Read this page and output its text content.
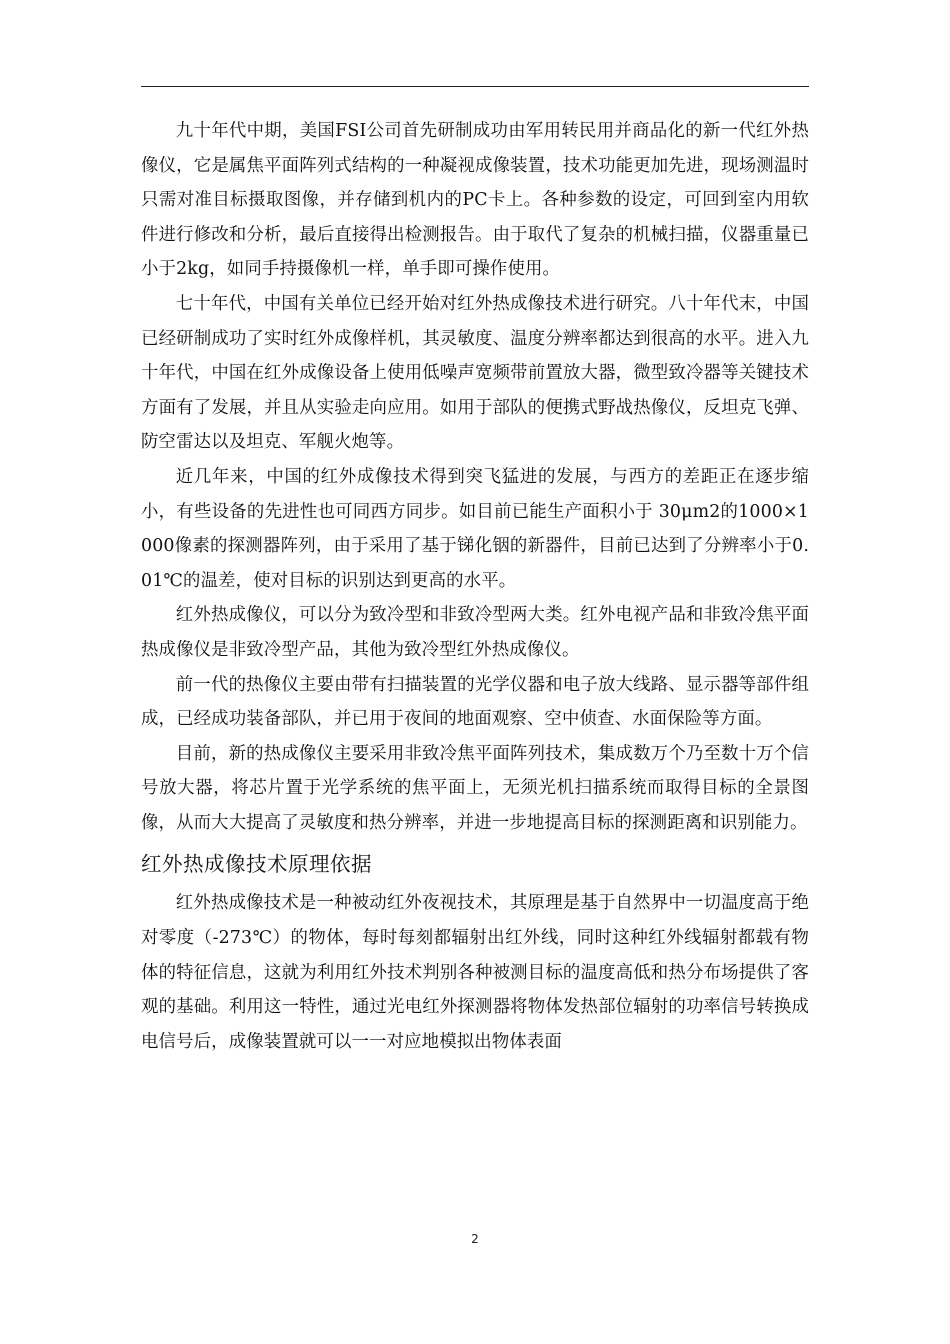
九十年代中期，美国FSI公司首先研制成功由军用转民用并商品化的新一代红外热像仪，它是属焦平面阵列式结构的一种凝视成像装置，技术功能更加先进，现场测温时只需对准目标摄取图像，并存储到机内的PC卡上。各种参数的设定，可回到室内用软件进行修改和分析，最后直接得出检测报告。由于取代了复杂的机械扫描，仪器重量已小于2kg，如同手持摄像机一样，单手即可操作使用。

七十年代，中国有关单位已经开始对红外热成像技术进行研究。八十年代末，中国已经研制成功了实时红外成像样机，其灵敏度、温度分辨率都达到很高的水平。进入九十年代，中国在红外成像设备上使用低噪声宽频带前置放大器，微型致冷器等关键技术方面有了发展，并且从实验走向应用。如用于部队的便携式野战热像仪，反坦克飞弹、防空雷达以及坦克、军舰火炮等。

近几年来，中国的红外成像技术得到突飞猛进的发展，与西方的差距正在逐步缩小，有些设备的先进性也可同西方同步。如目前已能生产面积小于 30μm2的1000×1000像素的探测器阵列，由于采用了基于锑化铟的新器件，目前已达到了分辨率小于0.01℃的温差，使对目标的识别达到更高的水平。

红外热成像仪，可以分为致冷型和非致冷型两大类。红外电视产品和非致冷焦平面热成像仪是非致冷型产品，其他为致冷型红外热成像仪。

前一代的热像仪主要由带有扫描装置的光学仪器和电子放大线路、显示器等部件组成，已经成功装备部队，并已用于夜间的地面观察、空中侦查、水面保险等方面。

目前，新的热成像仪主要采用非致冷焦平面阵列技术，集成数万个乃至数十万个信号放大器，将芯片置于光学系统的焦平面上，无须光机扫描系统而取得目标的全景图像，从而大大提高了灵敏度和热分辨率，并进一步地提高目标的探测距离和识别能力。

红外热成像技术原理依据

红外热成像技术是一种被动红外夜视技术，其原理是基于自然界中一切温度高于绝对零度（-273℃）的物体，每时每刻都辐射出红外线，同时这种红外线辐射都载有物体的特征信息，这就为利用红外技术判别各种被测目标的温度高低和热分布场提供了客观的基础。利用这一特性，通过光电红外探测器将物体发热部位辐射的功率信号转换成电信号后，成像装置就可以一一对应地模拟出物体表面

2
